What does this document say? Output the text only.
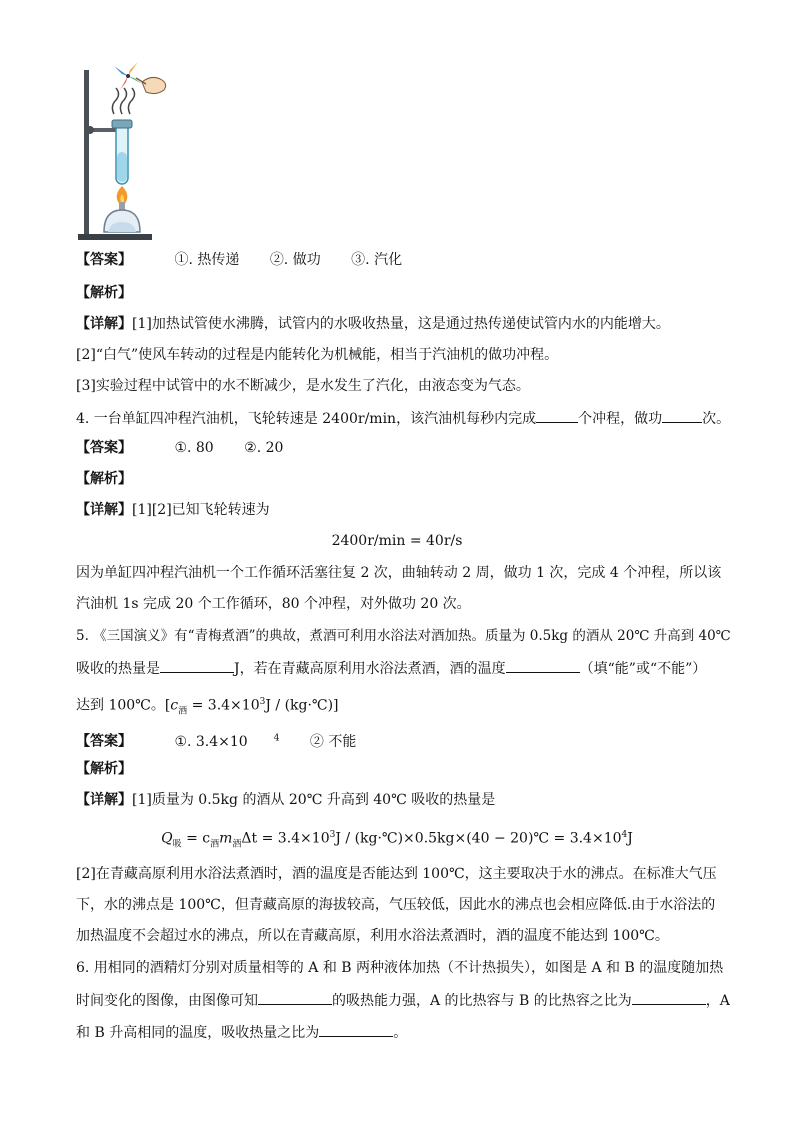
【答案】	①. 热传递 ②. 做功 ③. 汽化
【解析】
【详解】[1]加热试管使水沸腾，试管内的水吸收热量，这是通过热传递使试管内水的内能增大。
[2]“白气”使风车转动的过程是内能转化为机械能，相当于汽油机的做功冲程。
[3]实验过程中试管中的水不断减少，是水发生了汽化，由液态变为气态。
4. 一台单缸四冲程汽油机，飞轮转速是 2400r/min，该汽油机每秒内完成	个冲程，做功	次。
【答案】	①. 80 ②. 20
【解析】
【详解】[1][2]已知飞轮转速为
2400r/min = 40r/s
因为单缸四冲程汽油机一个工作循环活塞往复 2 次，曲轴转动 2 周，做功 1 次，完成 4 个冲程，所以该
汽油机 1s 完成 20 个工作循环，80 个冲程，对外做功 20 次。
5. 《三国演义》有“青梅煮酒”的典故，煮酒可利用水浴法对酒加热。质量为 0.5kg 的酒从 20℃ 升高到 40℃
吸收的热量是	J，若在青藏高原利用水浴法煮酒，酒的温度	（填“能”或“不能”）
达到 100℃。[$c_酒 = 3.4\times 10^3J$ / (kg·℃)]
【答案】	①. 3.4×10	$^4$ ② 不能
【解析】
【详解】[1]质量为 0.5kg 的酒从 20℃ 升高到 40℃ 吸收的热量是
$Q_吸 = c_酒m_酒\Delta t = 3.4\times 10^3J$ / (kg·℃)×0.5kg×(40 − 20)℃ = $3.4\times 10^4J$
[2]在青藏高原利用水浴法煮酒时，酒的温度是否能达到 100℃，这主要取决于水的沸点。在标准大气压
下，水的沸点是 100℃，但青藏高原的海拔较高，气压较低，因此水的沸点也会相应降低.由于水浴法的
加热温度不会超过水的沸点，所以在青藏高原，利用水浴法煮酒时，酒的温度不能达到 100℃。
6. 用相同的酒精灯分别对质量相等的 A 和 B 两种液体加热（不计热损失），如图是 A 和 B 的温度随加热
时间变化的图像，由图像可知	的吸热能力强，A 的比热容与 B 的比热容之比为	，A
和 B 升高相同的温度，吸收热量之比为	。
